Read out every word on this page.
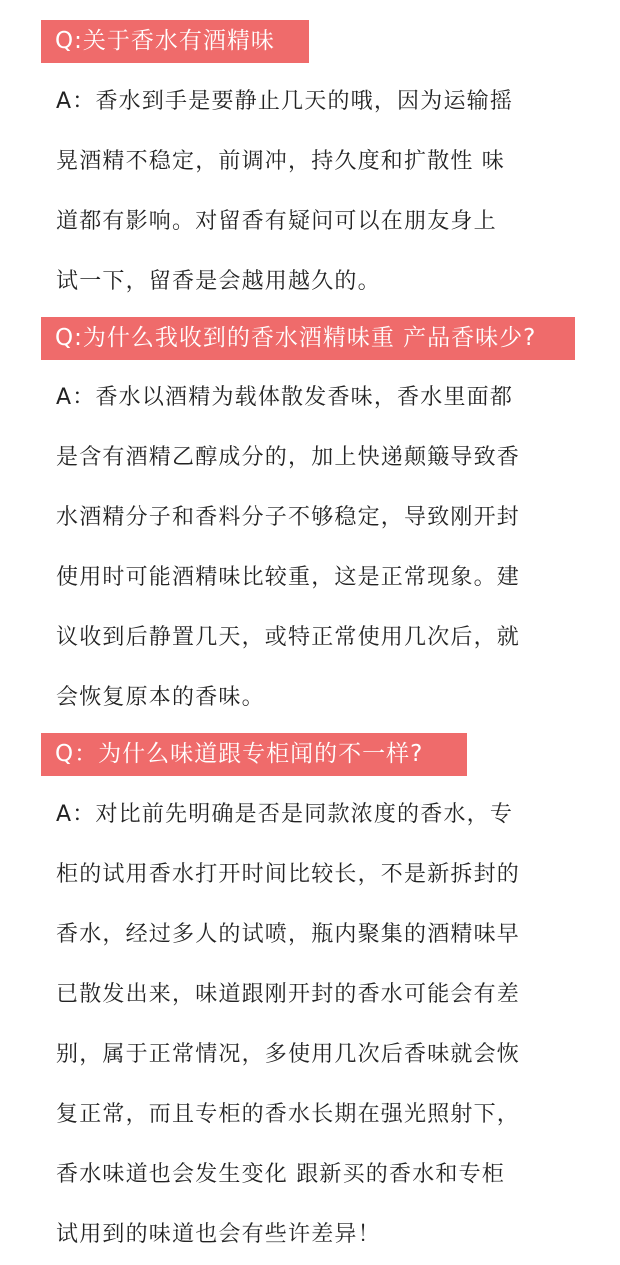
Q:关于香水有酒精味
A：香水到手是要静止几天的哦，因为运输摇
晃酒精不稳定，前调冲，持久度和扩散性 味
道都有影响。对留香有疑问可以在朋友身上
试一下，留香是会越用越久的。
Q:为什么我收到的香水酒精味重 产品香味少?
A：香水以酒精为载体散发香味，香水里面都
是含有酒精乙醇成分的，加上快递颠簸导致香
水酒精分子和香料分子不够稳定，导致刚开封
使用时可能酒精味比较重，这是正常现象。建
议收到后静置几天，或特正常使用几次后，就
会恢复原本的香味。
Q：为什么味道跟专柜闻的不一样?
A：对比前先明确是否是同款浓度的香水，专
柜的试用香水打开时间比较长，不是新拆封的
香水，经过多人的试喷，瓶内聚集的酒精味早
已散发出来，味道跟刚开封的香水可能会有差
别，属于正常情况，多使用几次后香味就会恢
复正常，而且专柜的香水长期在强光照射下，
香水味道也会发生变化 跟新买的香水和专柜
试用到的味道也会有些许差异！
